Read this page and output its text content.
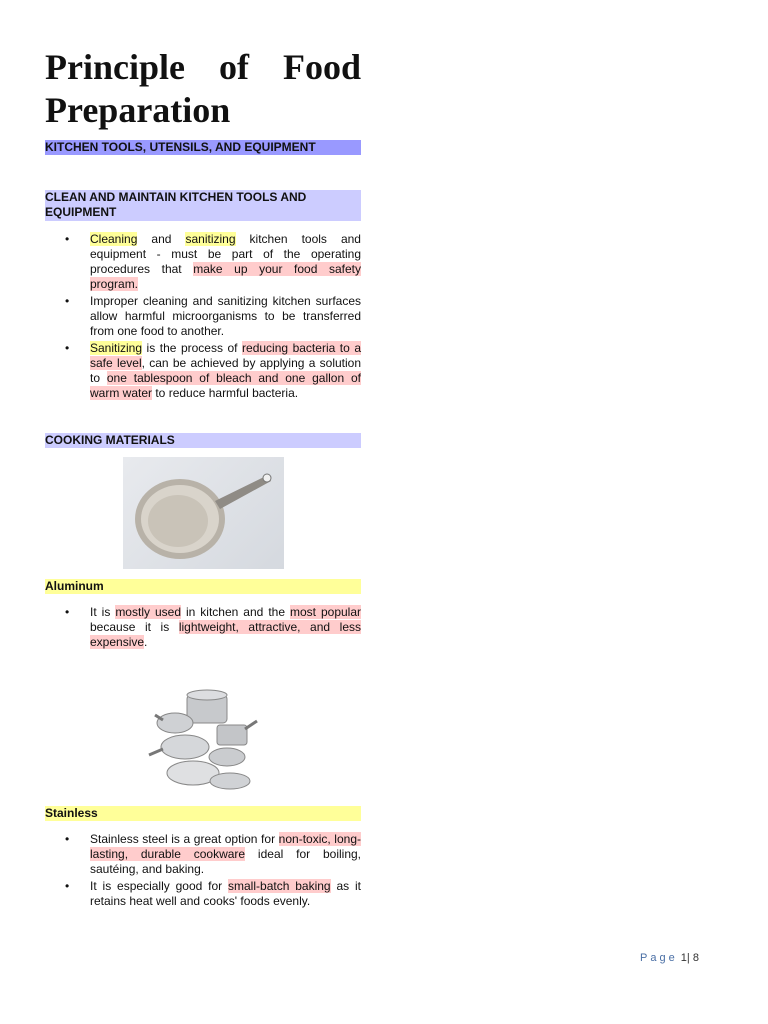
Principle of Food Preparation
KITCHEN TOOLS, UTENSILS, AND EQUIPMENT
CLEAN AND MAINTAIN KITCHEN TOOLS AND EQUIPMENT
• Cleaning and sanitizing kitchen tools and equipment - must be part of the operating procedures that make up your food safety program.
• Improper cleaning and sanitizing kitchen surfaces allow harmful microorganisms to be transferred from one food to another.
• Sanitizing is the process of reducing bacteria to a safe level, can be achieved by applying a solution to one tablespoon of bleach and one gallon of warm water to reduce harmful bacteria.
COOKING MATERIALS
Aluminum
• It is mostly used in kitchen and the most popular because it is lightweight, attractive, and less expensive.
Stainless
• Stainless steel is a great option for non-toxic, long-lasting, durable cookware ideal for boiling, sautéing, and baking.
• It is especially good for small-batch baking as it retains heat well and cooks' foods evenly.
Page 1| 8
